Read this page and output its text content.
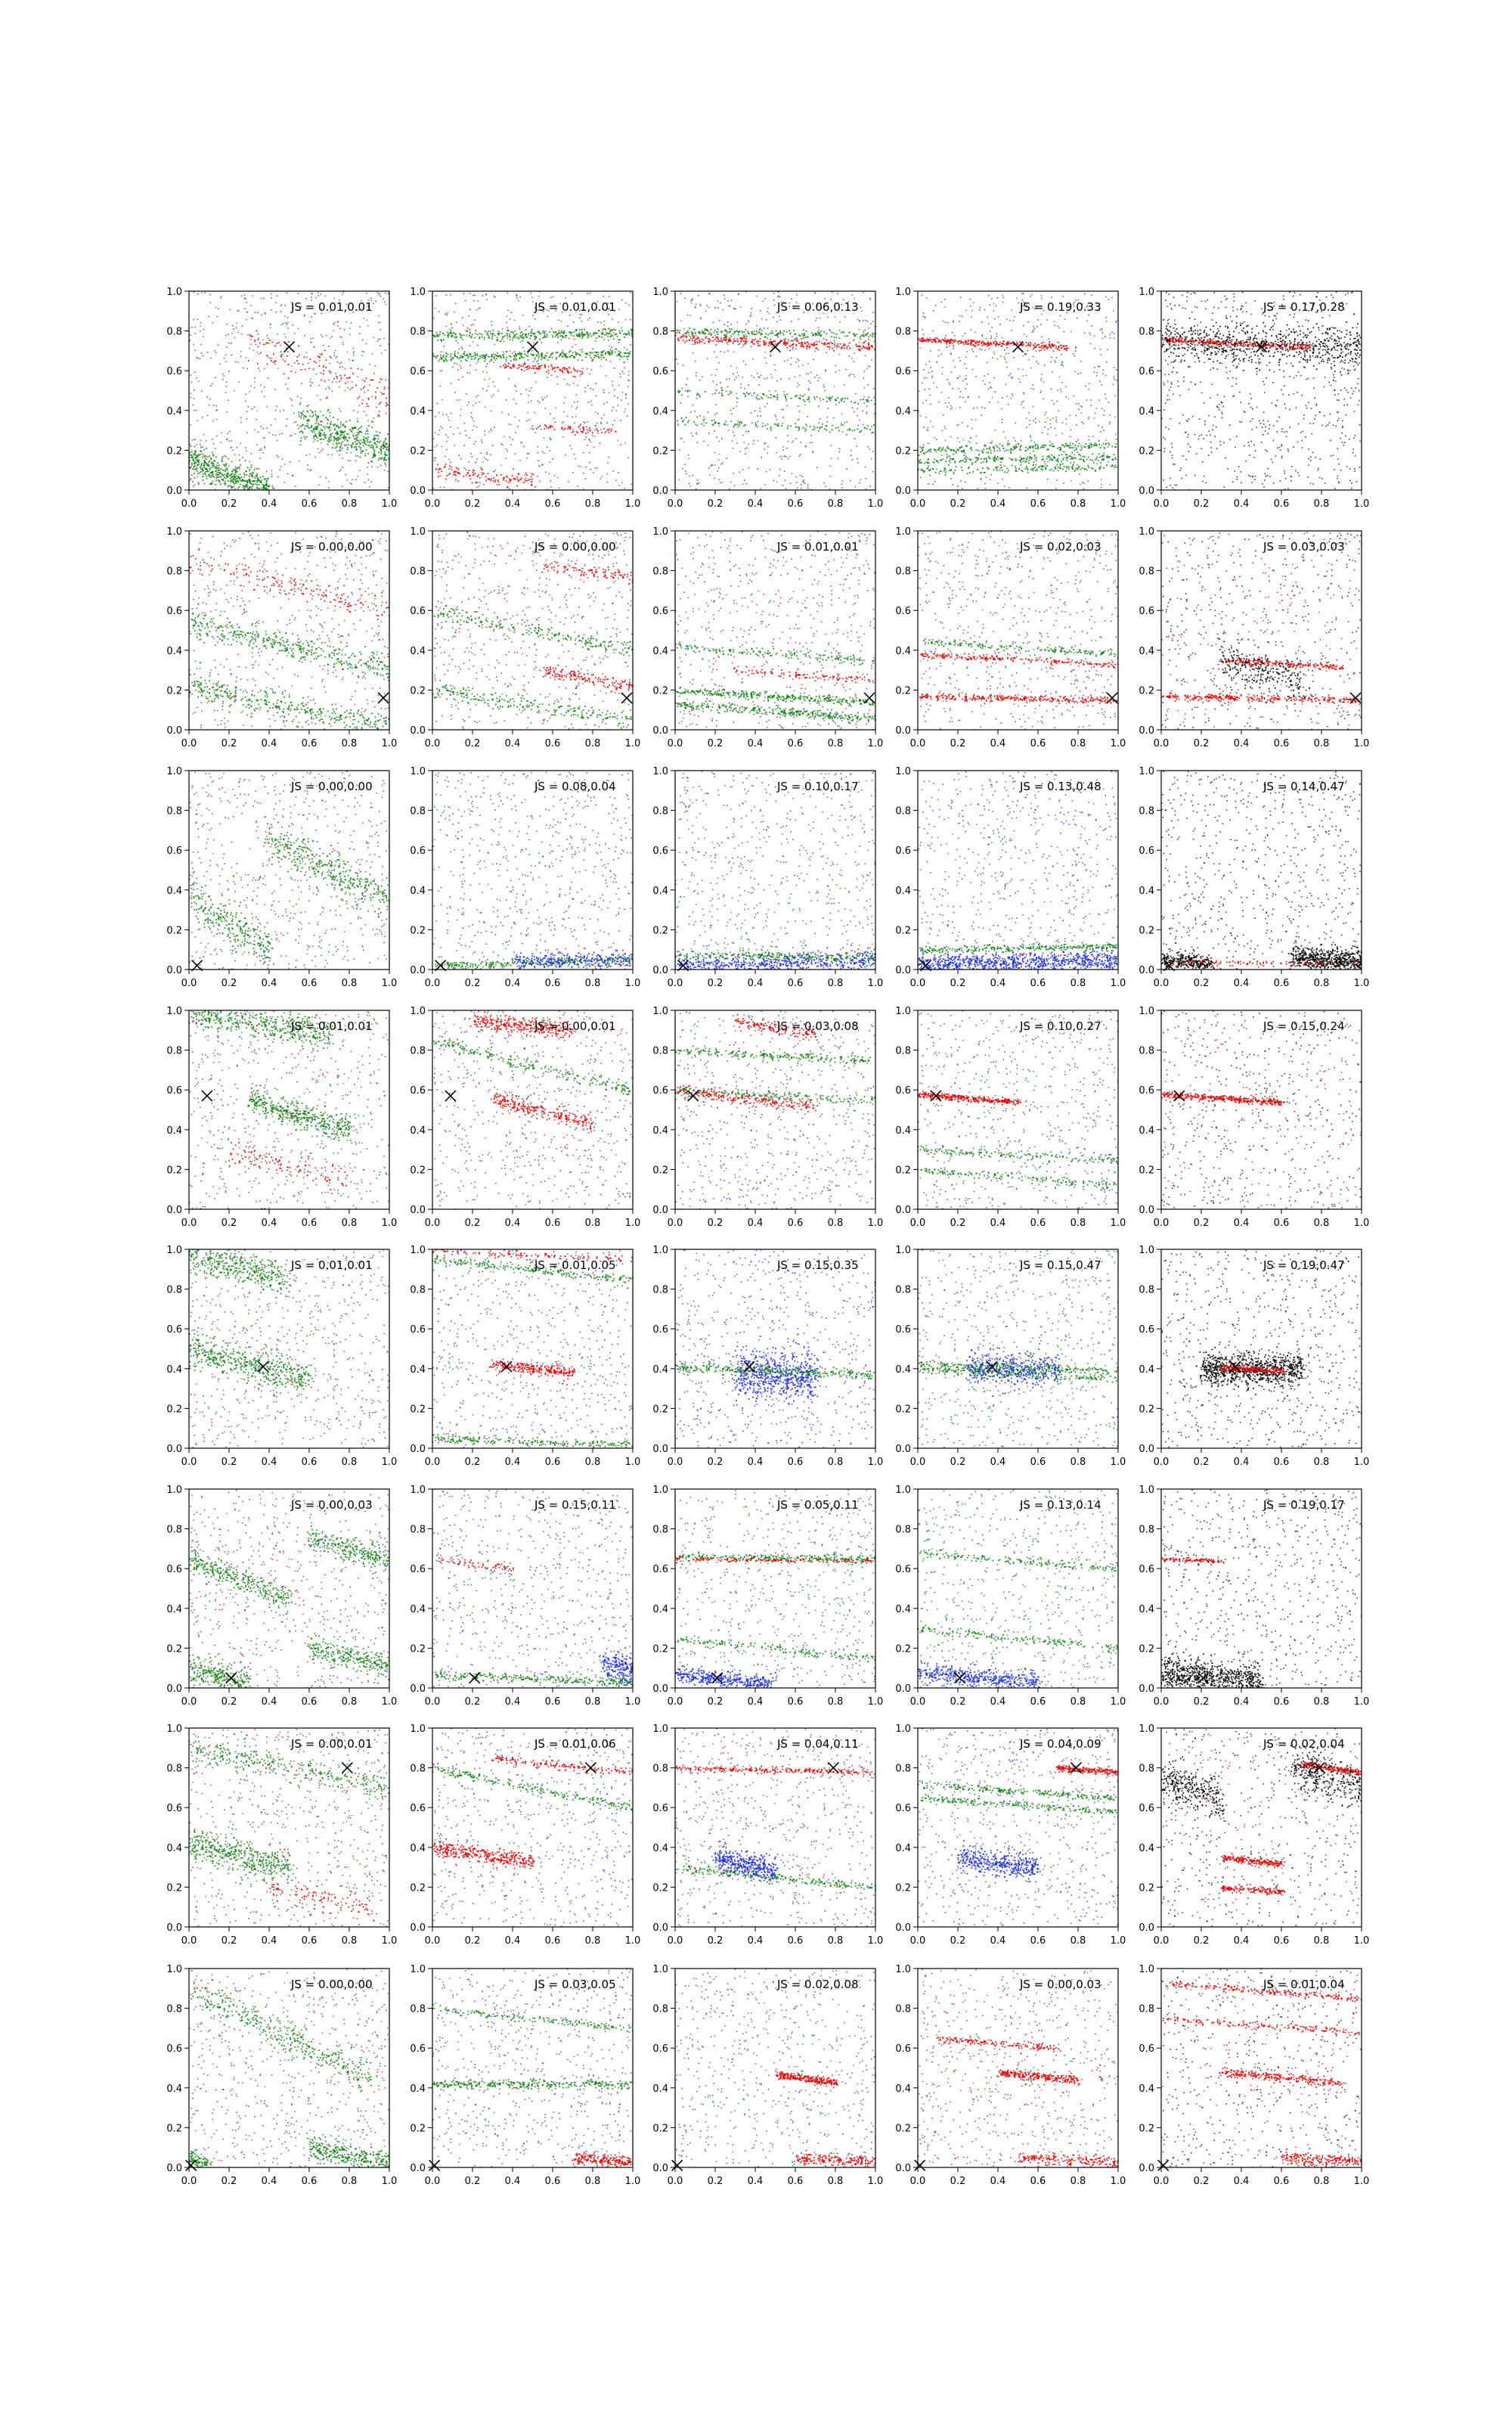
0.0 0.2 0.4 0.6 0.8 1.0
0.0
0.2
0.4
0.6
0.8
1.0
JS = 0.01,0.01
0.0 0.2 0.4 0.6 0.8 1.0
0.0
0.2
0.4
0.6
0.8
1.0
JS = 0.01,0.01
0.0 0.2 0.4 0.6 0.8 1.0
0.0
0.2
0.4
0.6
0.8
1.0
JS = 0.06,0.13
0.0 0.2 0.4 0.6 0.8 1.0
0.0
0.2
0.4
0.6
0.8
1.0
JS = 0.19,0.33
0.0 0.2 0.4 0.6 0.8 1.0
0.0
0.2
0.4
0.6
0.8
1.0
JS = 0.17,0.28
0.0 0.2 0.4 0.6 0.8 1.0
0.0
0.2
0.4
0.6
0.8
1.0
JS = 0.00,0.00
0.0 0.2 0.4 0.6 0.8 1.0
0.0
0.2
0.4
0.6
0.8
1.0
JS = 0.00,0.00
0.0 0.2 0.4 0.6 0.8 1.0
0.0
0.2
0.4
0.6
0.8
1.0
JS = 0.01,0.01
0.0 0.2 0.4 0.6 0.8 1.0
0.0
0.2
0.4
0.6
0.8
1.0
JS = 0.02,0.03
0.0 0.2 0.4 0.6 0.8 1.0
0.0
0.2
0.4
0.6
0.8
1.0
JS = 0.03,0.03
0.0 0.2 0.4 0.6 0.8 1.0
0.0
0.2
0.4
0.6
0.8
1.0
JS = 0.00,0.00
0.0 0.2 0.4 0.6 0.8 1.0
0.0
0.2
0.4
0.6
0.8
1.0
JS = 0.08,0.04
0.0 0.2 0.4 0.6 0.8 1.0
0.0
0.2
0.4
0.6
0.8
1.0
JS = 0.10,0.17
0.0 0.2 0.4 0.6 0.8 1.0
0.0
0.2
0.4
0.6
0.8
1.0
JS = 0.13,0.48
0.0 0.2 0.4 0.6 0.8 1.0
0.0
0.2
0.4
0.6
0.8
1.0
JS = 0.14,0.47
0.0 0.2 0.4 0.6 0.8 1.0
0.0
0.2
0.4
0.6
0.8
1.0
JS = 0.01,0.01
0.0 0.2 0.4 0.6 0.8 1.0
0.0
0.2
0.4
0.6
0.8
1.0
JS = 0.00,0.01
0.0 0.2 0.4 0.6 0.8 1.0
0.0
0.2
0.4
0.6
0.8
1.0
JS = 0.03,0.08
0.0 0.2 0.4 0.6 0.8 1.0
0.0
0.2
0.4
0.6
0.8
1.0
JS = 0.10,0.27
0.0 0.2 0.4 0.6 0.8 1.0
0.0
0.2
0.4
0.6
0.8
1.0
JS = 0.15,0.24
0.0 0.2 0.4 0.6 0.8 1.0
0.0
0.2
0.4
0.6
0.8
1.0
JS = 0.01,0.01
0.0 0.2 0.4 0.6 0.8 1.0
0.0
0.2
0.4
0.6
0.8
1.0
JS = 0.01,0.05
0.0 0.2 0.4 0.6 0.8 1.0
0.0
0.2
0.4
0.6
0.8
1.0
JS = 0.15,0.35
0.0 0.2 0.4 0.6 0.8 1.0
0.0
0.2
0.4
0.6
0.8
1.0
JS = 0.15,0.47
0.0 0.2 0.4 0.6 0.8 1.0
0.0
0.2
0.4
0.6
0.8
1.0
JS = 0.19,0.47
0.0 0.2 0.4 0.6 0.8 1.0
0.0
0.2
0.4
0.6
0.8
1.0
JS = 0.00,0.03
0.0 0.2 0.4 0.6 0.8 1.0
0.0
0.2
0.4
0.6
0.8
1.0
JS = 0.15,0.11
0.0 0.2 0.4 0.6 0.8 1.0
0.0
0.2
0.4
0.6
0.8
1.0
JS = 0.05,0.11
0.0 0.2 0.4 0.6 0.8 1.0
0.0
0.2
0.4
0.6
0.8
1.0
JS = 0.13,0.14
0.0 0.2 0.4 0.6 0.8 1.0
0.0
0.2
0.4
0.6
0.8
1.0
JS = 0.19,0.17
0.0 0.2 0.4 0.6 0.8 1.0
0.0
0.2
0.4
0.6
0.8
1.0
JS = 0.00,0.01
0.0 0.2 0.4 0.6 0.8 1.0
0.0
0.2
0.4
0.6
0.8
1.0
JS = 0.01,0.06
0.0 0.2 0.4 0.6 0.8 1.0
0.0
0.2
0.4
0.6
0.8
1.0
JS = 0.04,0.11
0.0 0.2 0.4 0.6 0.8 1.0
0.0
0.2
0.4
0.6
0.8
1.0
JS = 0.04,0.09
0.0 0.2 0.4 0.6 0.8 1.0
0.0
0.2
0.4
0.6
0.8
1.0
JS = 0.02,0.04
0.0 0.2 0.4 0.6 0.8 1.0
0.0
0.2
0.4
0.6
0.8
1.0
JS = 0.00,0.00
0.0 0.2 0.4 0.6 0.8 1.0
0.0
0.2
0.4
0.6
0.8
1.0
JS = 0.03,0.05
0.0 0.2 0.4 0.6 0.8 1.0
0.0
0.2
0.4
0.6
0.8
1.0
JS = 0.02,0.08
0.0 0.2 0.4 0.6 0.8 1.0
0.0
0.2
0.4
0.6
0.8
1.0
JS = 0.00,0.03
0.0 0.2 0.4 0.6 0.8 1.0
0.0
0.2
0.4
0.6
0.8
1.0
JS = 0.01,0.04
